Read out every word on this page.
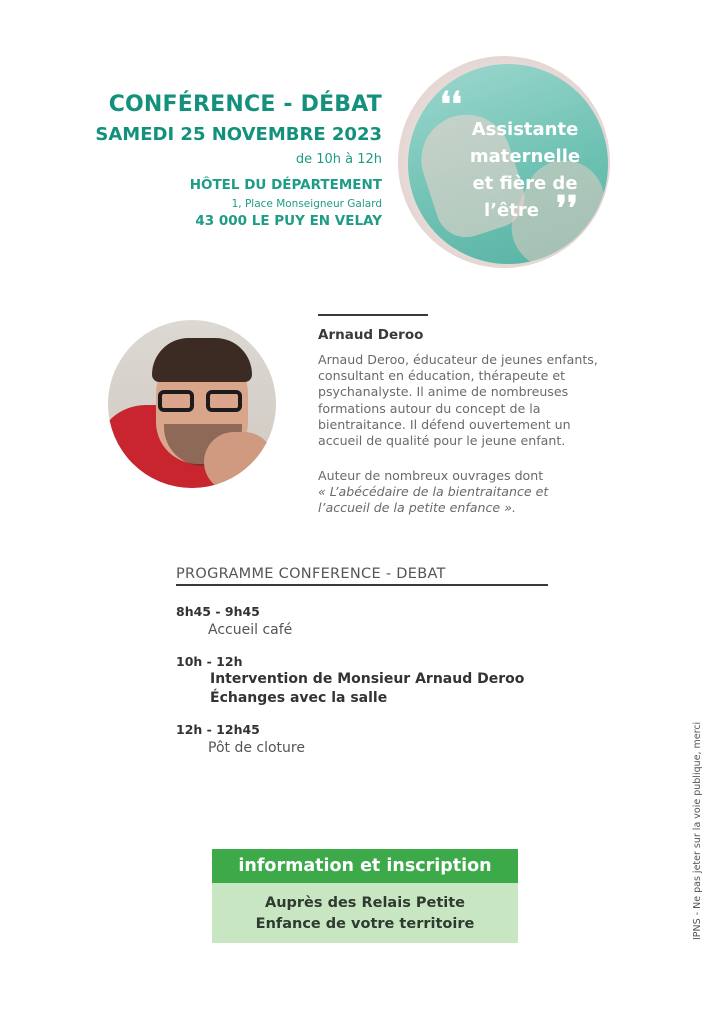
CONFÉRENCE - DÉBAT
SAMEDI 25 NOVEMBRE 2023
de 10h à 12h
HÔTEL DU DÉPARTEMENT
1, Place Monseigneur Galard
43 000 LE PUY EN VELAY
❛❛
Assistante
maternelle
et fière de
l’être ❜❜
Arnaud Deroo
Arnaud Deroo, éducateur de jeunes enfants,
consultant en éducation, thérapeute et
psychanalyste. Il anime de nombreuses
formations autour du concept de la
bientraitance. Il défend ouvertement un
accueil de qualité pour le jeune enfant.
Auteur de nombreux ouvrages dont
« L’abécédaire de la bientraitance et
l’accueil de la petite enfance ».
PROGRAMME CONFERENCE - DEBAT
8h45 - 9h45
Accueil café
10h - 12h
Intervention de Monsieur Arnaud Deroo
Échanges avec la salle
12h - 12h45
Pôt de cloture
information et inscription
Auprès des Relais Petite
Enfance de votre territoire	IPNS - Ne pas jeter sur la voie publique, merci
